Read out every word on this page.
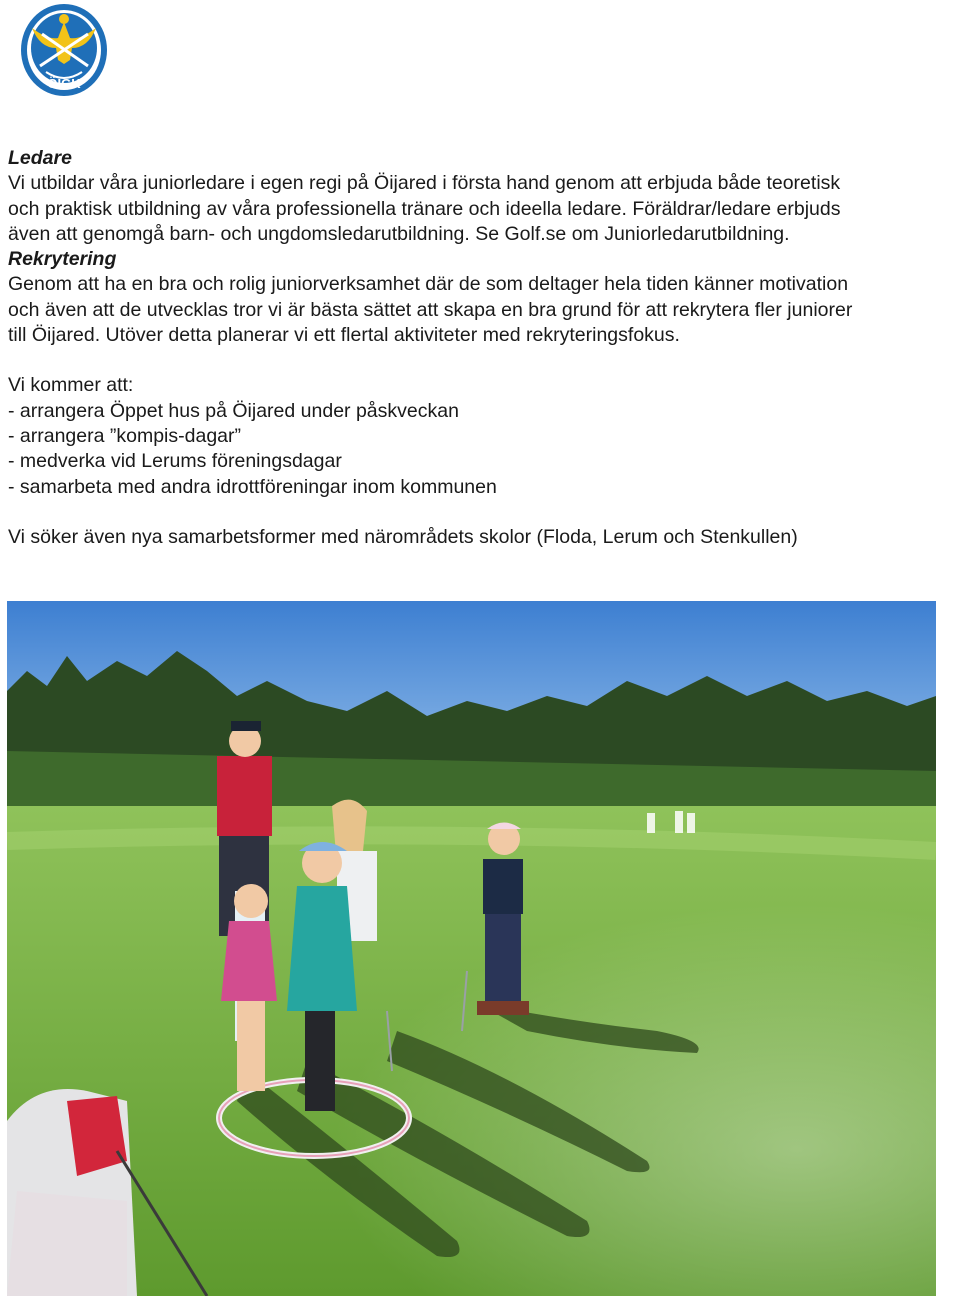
ÖIGK

Ledare

Vi utbildar våra juniorledare i egen regi på Öijared i första hand genom att erbjuda både teoretisk

och praktisk utbildning av våra professionella tränare och ideella ledare. Föräldrar/ledare erbjuds

även att genomgå barn- och ungdomsledarutbildning. Se Golf.se om Juniorledarutbildning.

Rekrytering

Genom att ha en bra och rolig juniorverksamhet där de som deltager hela tiden känner motivation

och även att de utvecklas tror vi är bästa sättet att skapa en bra grund för att rekrytera fler juniorer

till Öijared. Utöver detta planerar vi ett flertal aktiviteter med rekryteringsfokus.

Vi kommer att:

- arrangera Öppet hus på Öijared under påskveckan

- arrangera ”kompis-dagar”

- medverka vid Lerums föreningsdagar

- samarbeta med andra idrottföreningar inom kommunen

Vi söker även nya samarbetsformer med närområdets skolor (Floda, Lerum och Stenkullen)
